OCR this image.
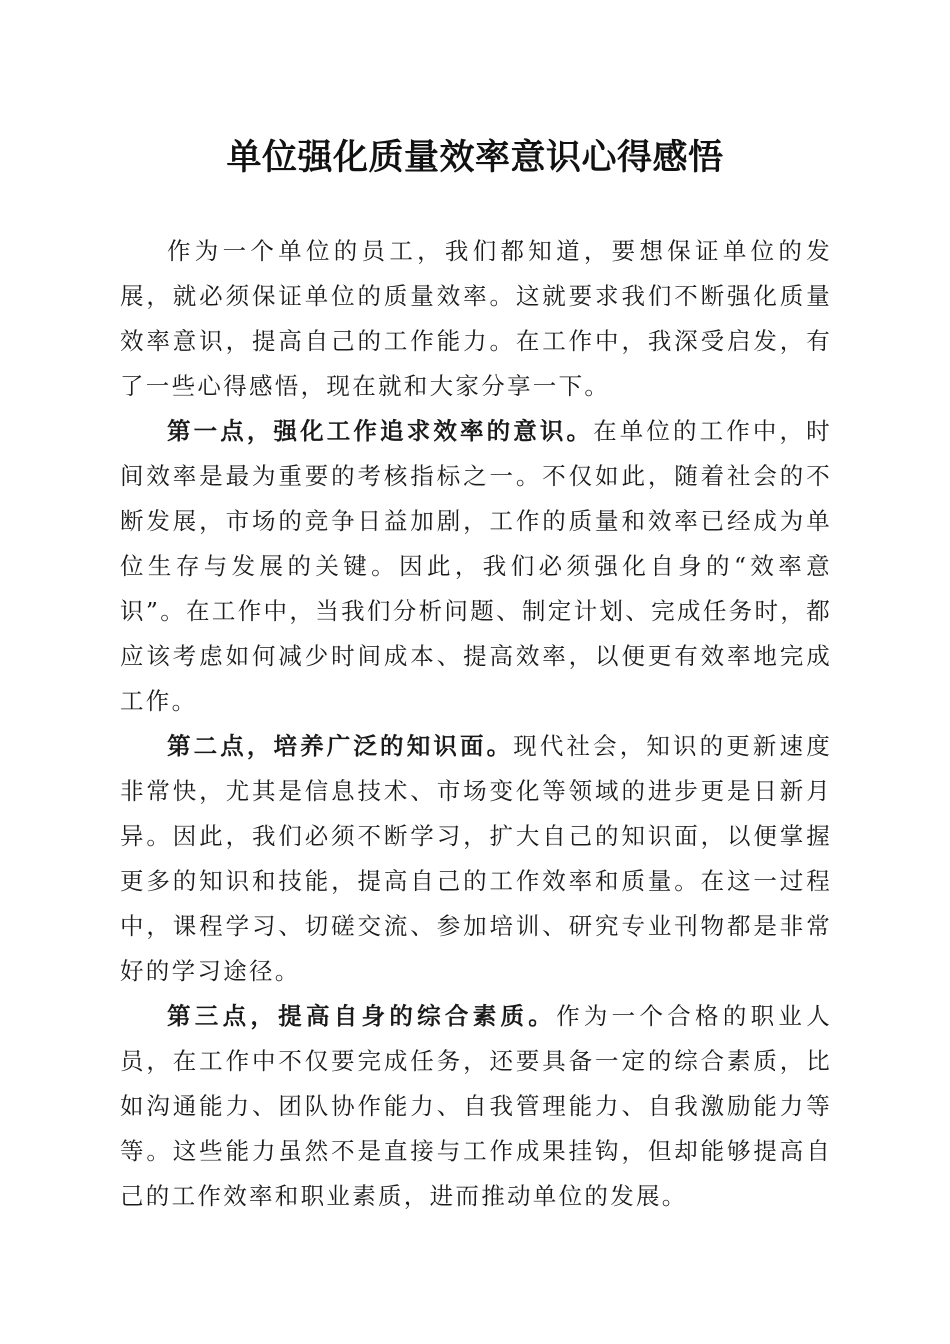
单位强化质量效率意识心得感悟

作为一个单位的员工，我们都知道，要想保证单位的发展，就必须保证单位的质量效率。这就要求我们不断强化质量效率意识，提高自己的工作能力。在工作中，我深受启发，有了一些心得感悟，现在就和大家分享一下。

第一点，强化工作追求效率的意识。在单位的工作中，时间效率是最为重要的考核指标之一。不仅如此，随着社会的不断发展，市场的竞争日益加剧，工作的质量和效率已经成为单位生存与发展的关键。因此，我们必须强化自身的“效率意识”。在工作中，当我们分析问题、制定计划、完成任务时，都应该考虑如何减少时间成本、提高效率，以便更有效率地完成工作。

第二点，培养广泛的知识面。现代社会，知识的更新速度非常快，尤其是信息技术、市场变化等领域的进步更是日新月异。因此，我们必须不断学习，扩大自己的知识面，以便掌握更多的知识和技能，提高自己的工作效率和质量。在这一过程中，课程学习、切磋交流、参加培训、研究专业刊物都是非常好的学习途径。

第三点，提高自身的综合素质。作为一个合格的职业人员，在工作中不仅要完成任务，还要具备一定的综合素质，比如沟通能力、团队协作能力、自我管理能力、自我激励能力等等。这些能力虽然不是直接与工作成果挂钩，但却能够提高自己的工作效率和职业素质，进而推动单位的发展。
